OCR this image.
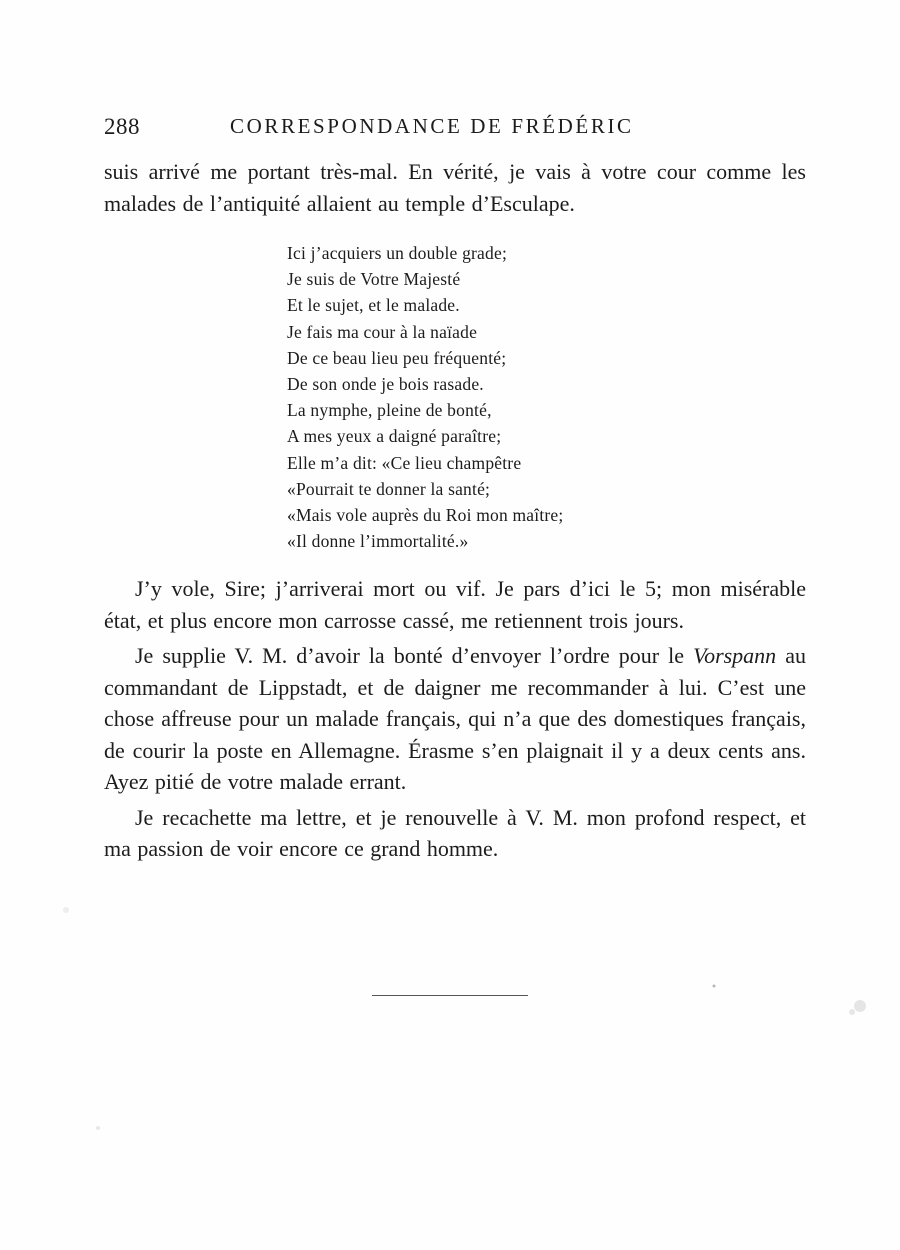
288	CORRESPONDANCE DE FRÉDÉRIC

suis arrivé me portant très-mal. En vérité, je vais à votre cour comme les malades de l’antiquité allaient au temple d’Esculape.

Ici j’acquiers un double grade;
Je suis de Votre Majesté
Et le sujet, et le malade.
Je fais ma cour à la naïade
De ce beau lieu peu fréquenté;
De son onde je bois rasade.
La nymphe, pleine de bonté,
A mes yeux a daigné paraître;
Elle m’a dit: «Ce lieu champêtre
«Pourrait te donner la santé;
«Mais vole auprès du Roi mon maître;
«Il donne l’immortalité.»

J’y vole, Sire; j’arriverai mort ou vif. Je pars d’ici le 5; mon misérable état, et plus encore mon carrosse cassé, me retiennent trois jours.

Je supplie V. M. d’avoir la bonté d’envoyer l’ordre pour le Vorspann au commandant de Lippstadt, et de daigner me recommander à lui. C’est une chose affreuse pour un malade français, qui n’a que des domestiques français, de courir la poste en Allemagne. Érasme s’en plaignait il y a deux cents ans. Ayez pitié de votre malade errant.

Je recachette ma lettre, et je renouvelle à V. M. mon profond respect, et ma passion de voir encore ce grand homme.
